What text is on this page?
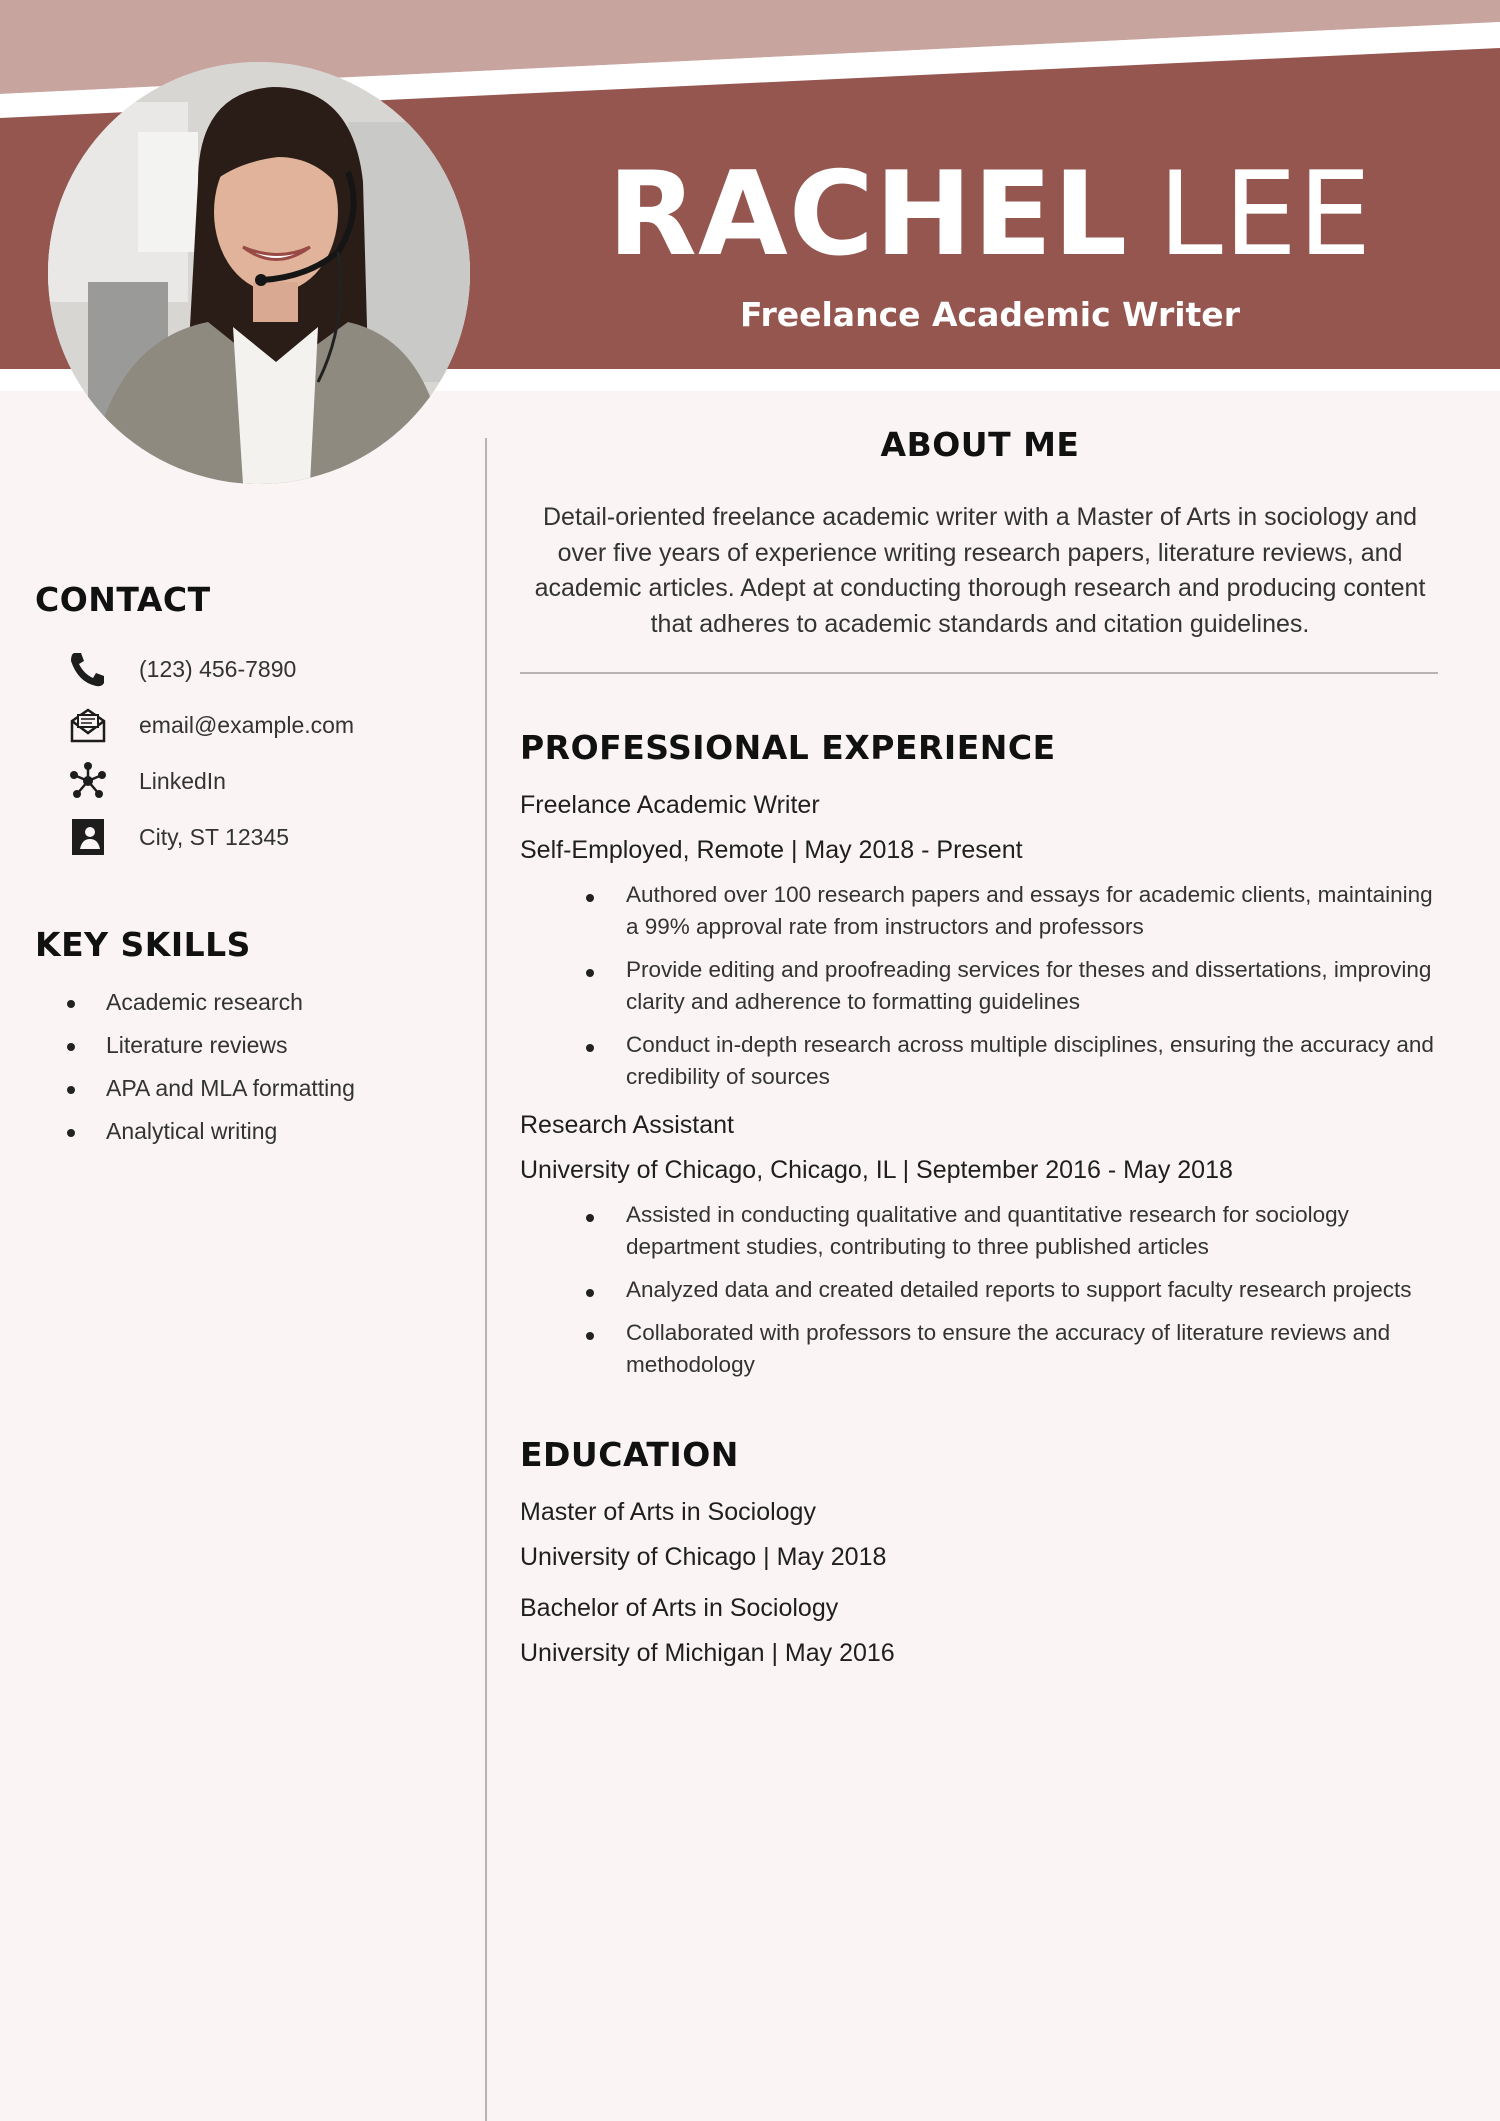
RACHEL LEE
Freelance Academic Writer
CONTACT
(123) 456-7890
email@example.com
LinkedIn
City, ST 12345
KEY SKILLS
Academic research
Literature reviews
APA and MLA formatting
Analytical writing
ABOUT ME

Detail-oriented freelance academic writer with a Master of Arts in sociology and over five years of experience writing research papers, literature reviews, and academic articles. Adept at conducting thorough research and producing content that adheres to academic standards and citation guidelines.

PROFESSIONAL EXPERIENCE
Freelance Academic Writer
Self-Employed, Remote | May 2018 - Present
Authored over 100 research papers and essays for academic clients, maintaining a 99% approval rate from instructors and professors
Provide editing and proofreading services for theses and dissertations, improving clarity and adherence to formatting guidelines
Conduct in-depth research across multiple disciplines, ensuring the accuracy and credibility of sources
Research Assistant
University of Chicago, Chicago, IL | September 2016 - May 2018
Assisted in conducting qualitative and quantitative research for sociology department studies, contributing to three published articles
Analyzed data and created detailed reports to support faculty research projects
Collaborated with professors to ensure the accuracy of literature reviews and methodology
EDUCATION
Master of Arts in Sociology
University of Chicago | May 2018
Bachelor of Arts in Sociology
University of Michigan | May 2016
